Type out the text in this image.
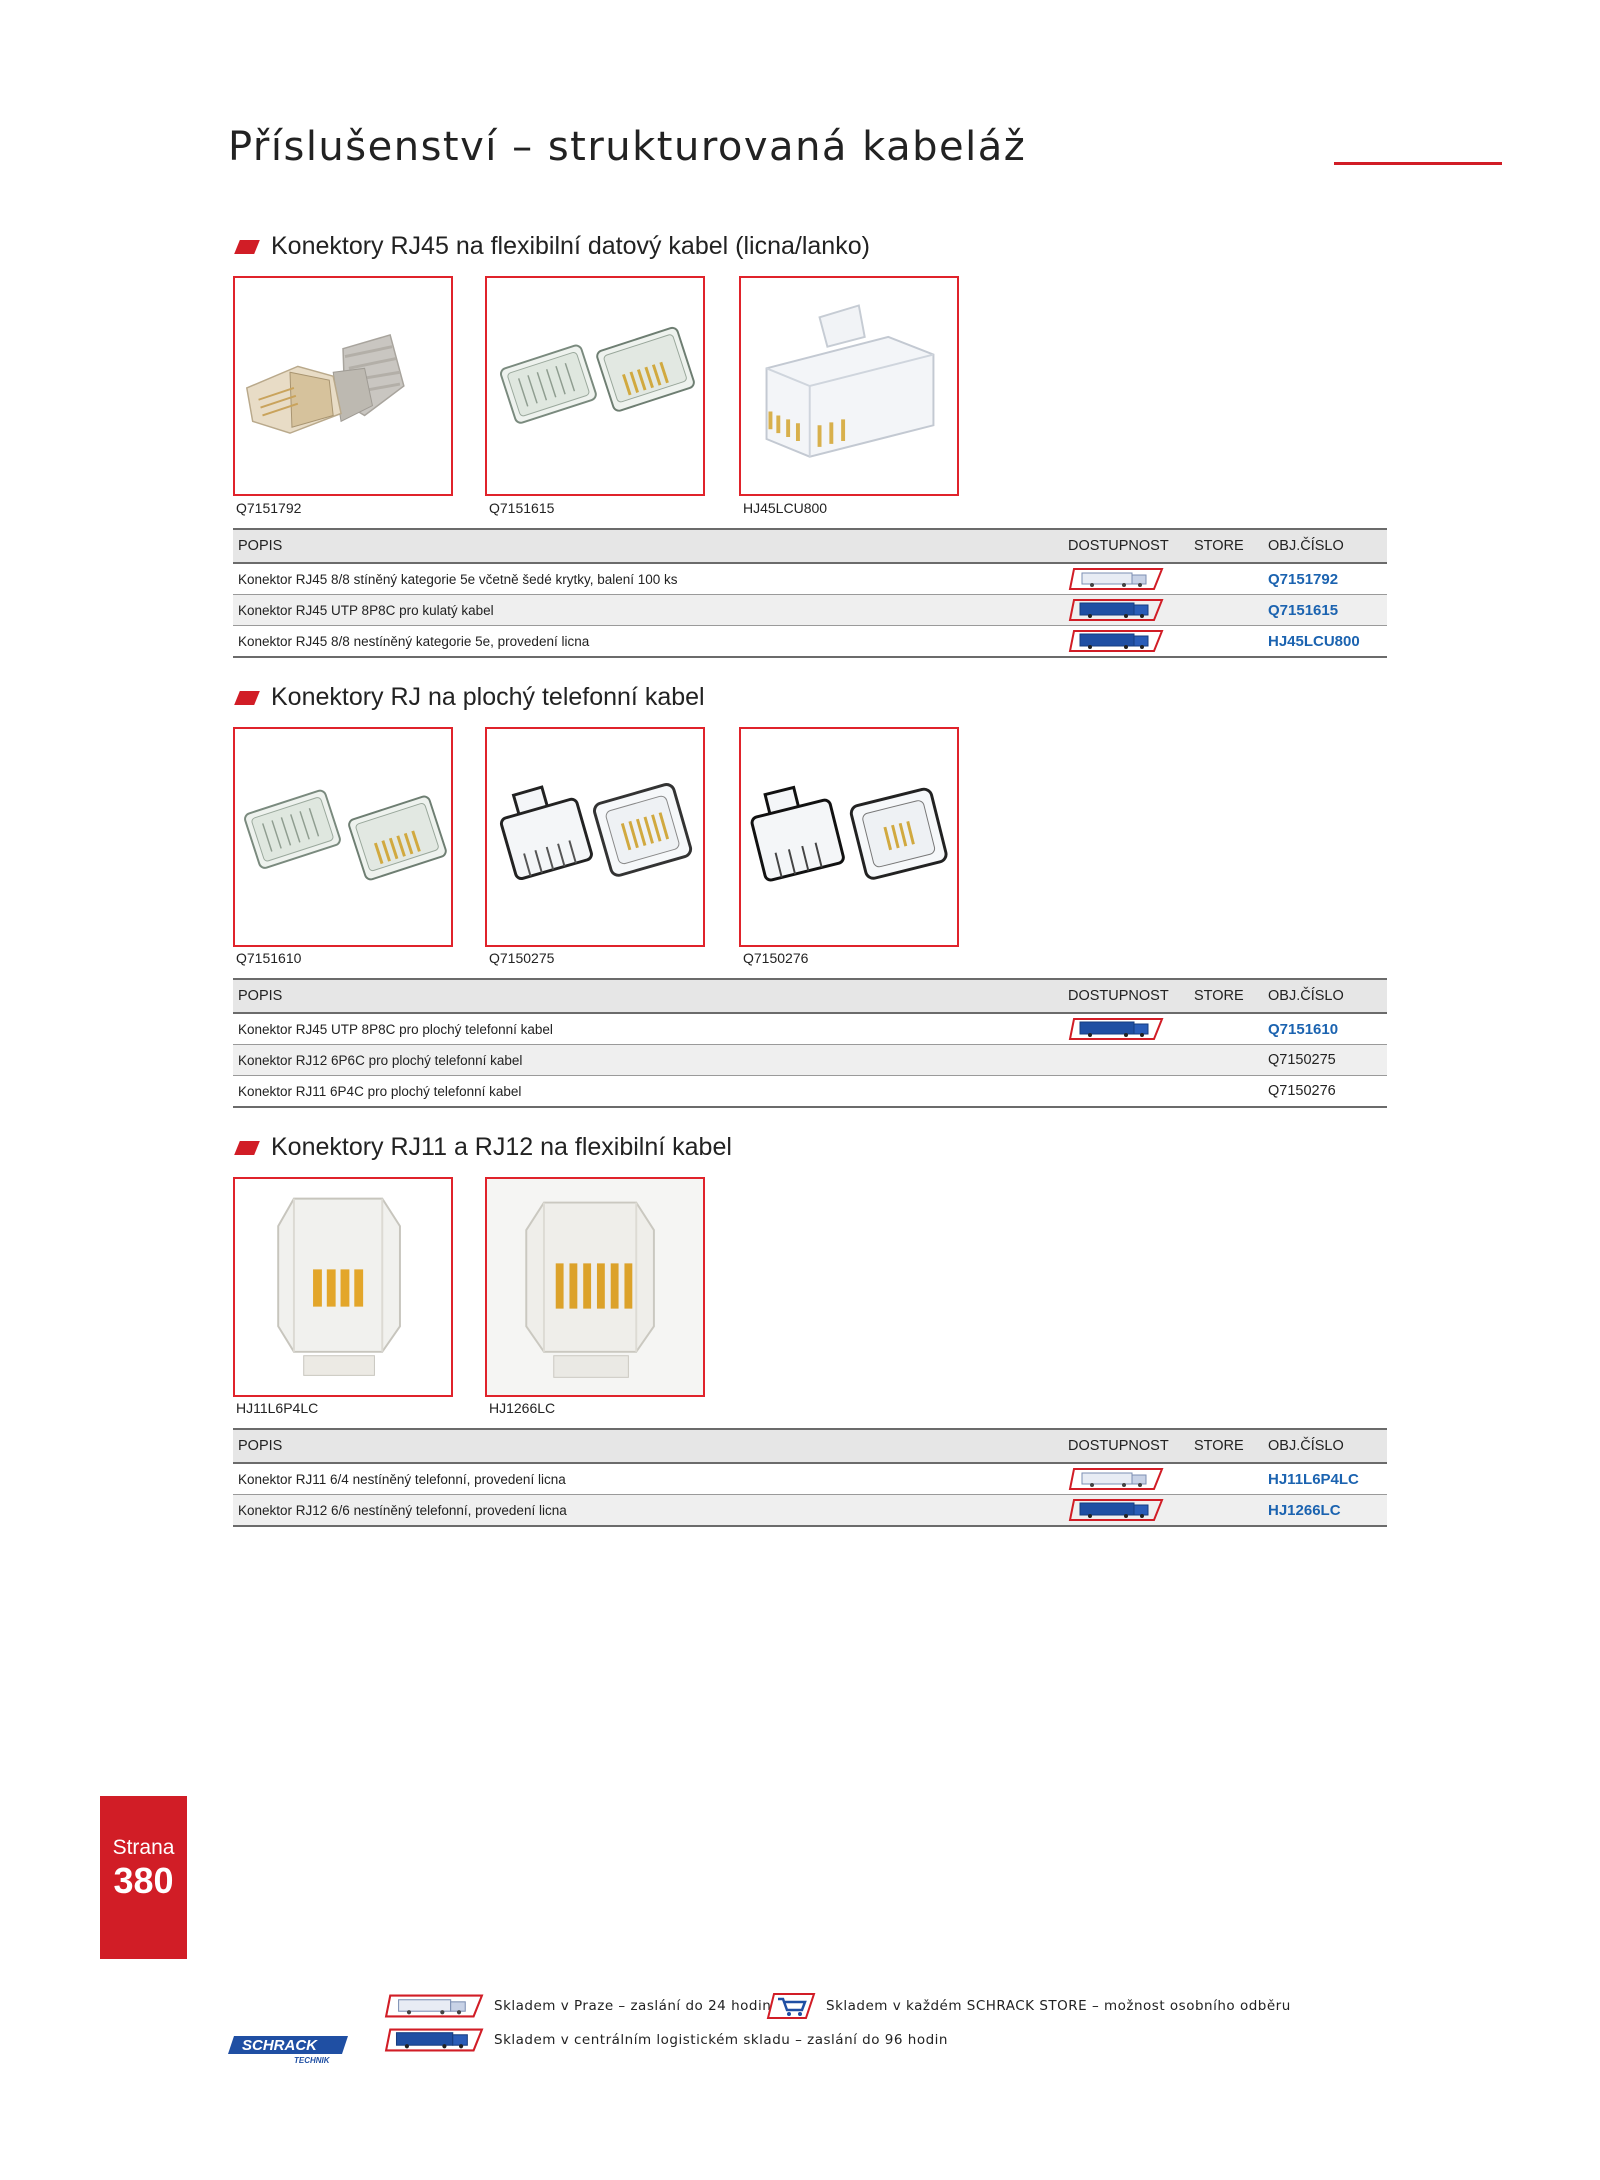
Příslušenství – strukturovaná kabeláž
Konektory RJ45 na flexibilní datový kabel (licna/lanko)
Q7151792	Q7151615	HJ45LCU800
POPIS	DOSTUPNOST	STORE	OBJ.ČÍSLO
Konektor RJ45 8/8 stíněný kategorie 5e včetně šedé krytky, balení 100 ks			Q7151792
Konektor RJ45 UTP 8P8C pro kulatý kabel			Q7151615
Konektor RJ45 8/8 nestíněný kategorie 5e, provedení licna			HJ45LCU800
Konektory RJ na plochý telefonní kabel
Q7151610	Q7150275	Q7150276
POPIS	DOSTUPNOST	STORE	OBJ.ČÍSLO
Konektor RJ45 UTP 8P8C pro plochý telefonní kabel			Q7151610
Konektor RJ12 6P6C pro plochý telefonní kabel			Q7150275
Konektor RJ11 6P4C pro plochý telefonní kabel			Q7150276
Konektory RJ11 a RJ12 na flexibilní kabel
HJ11L6P4LC	HJ1266LC
POPIS	DOSTUPNOST	STORE	OBJ.ČÍSLO
Konektor RJ11 6/4 nestíněný telefonní, provedení licna			HJ11L6P4LC
Konektor RJ12 6/6 nestíněný telefonní, provedení licna			HJ1266LC
Strana
380
Skladem v Praze – zaslání do 24 hodin	Skladem v každém SCHRACK STORE – možnost osobního odběru
Skladem v centrálním logistickém skladu – zaslání do 96 hodin
SCHRACK
TECHNIK
